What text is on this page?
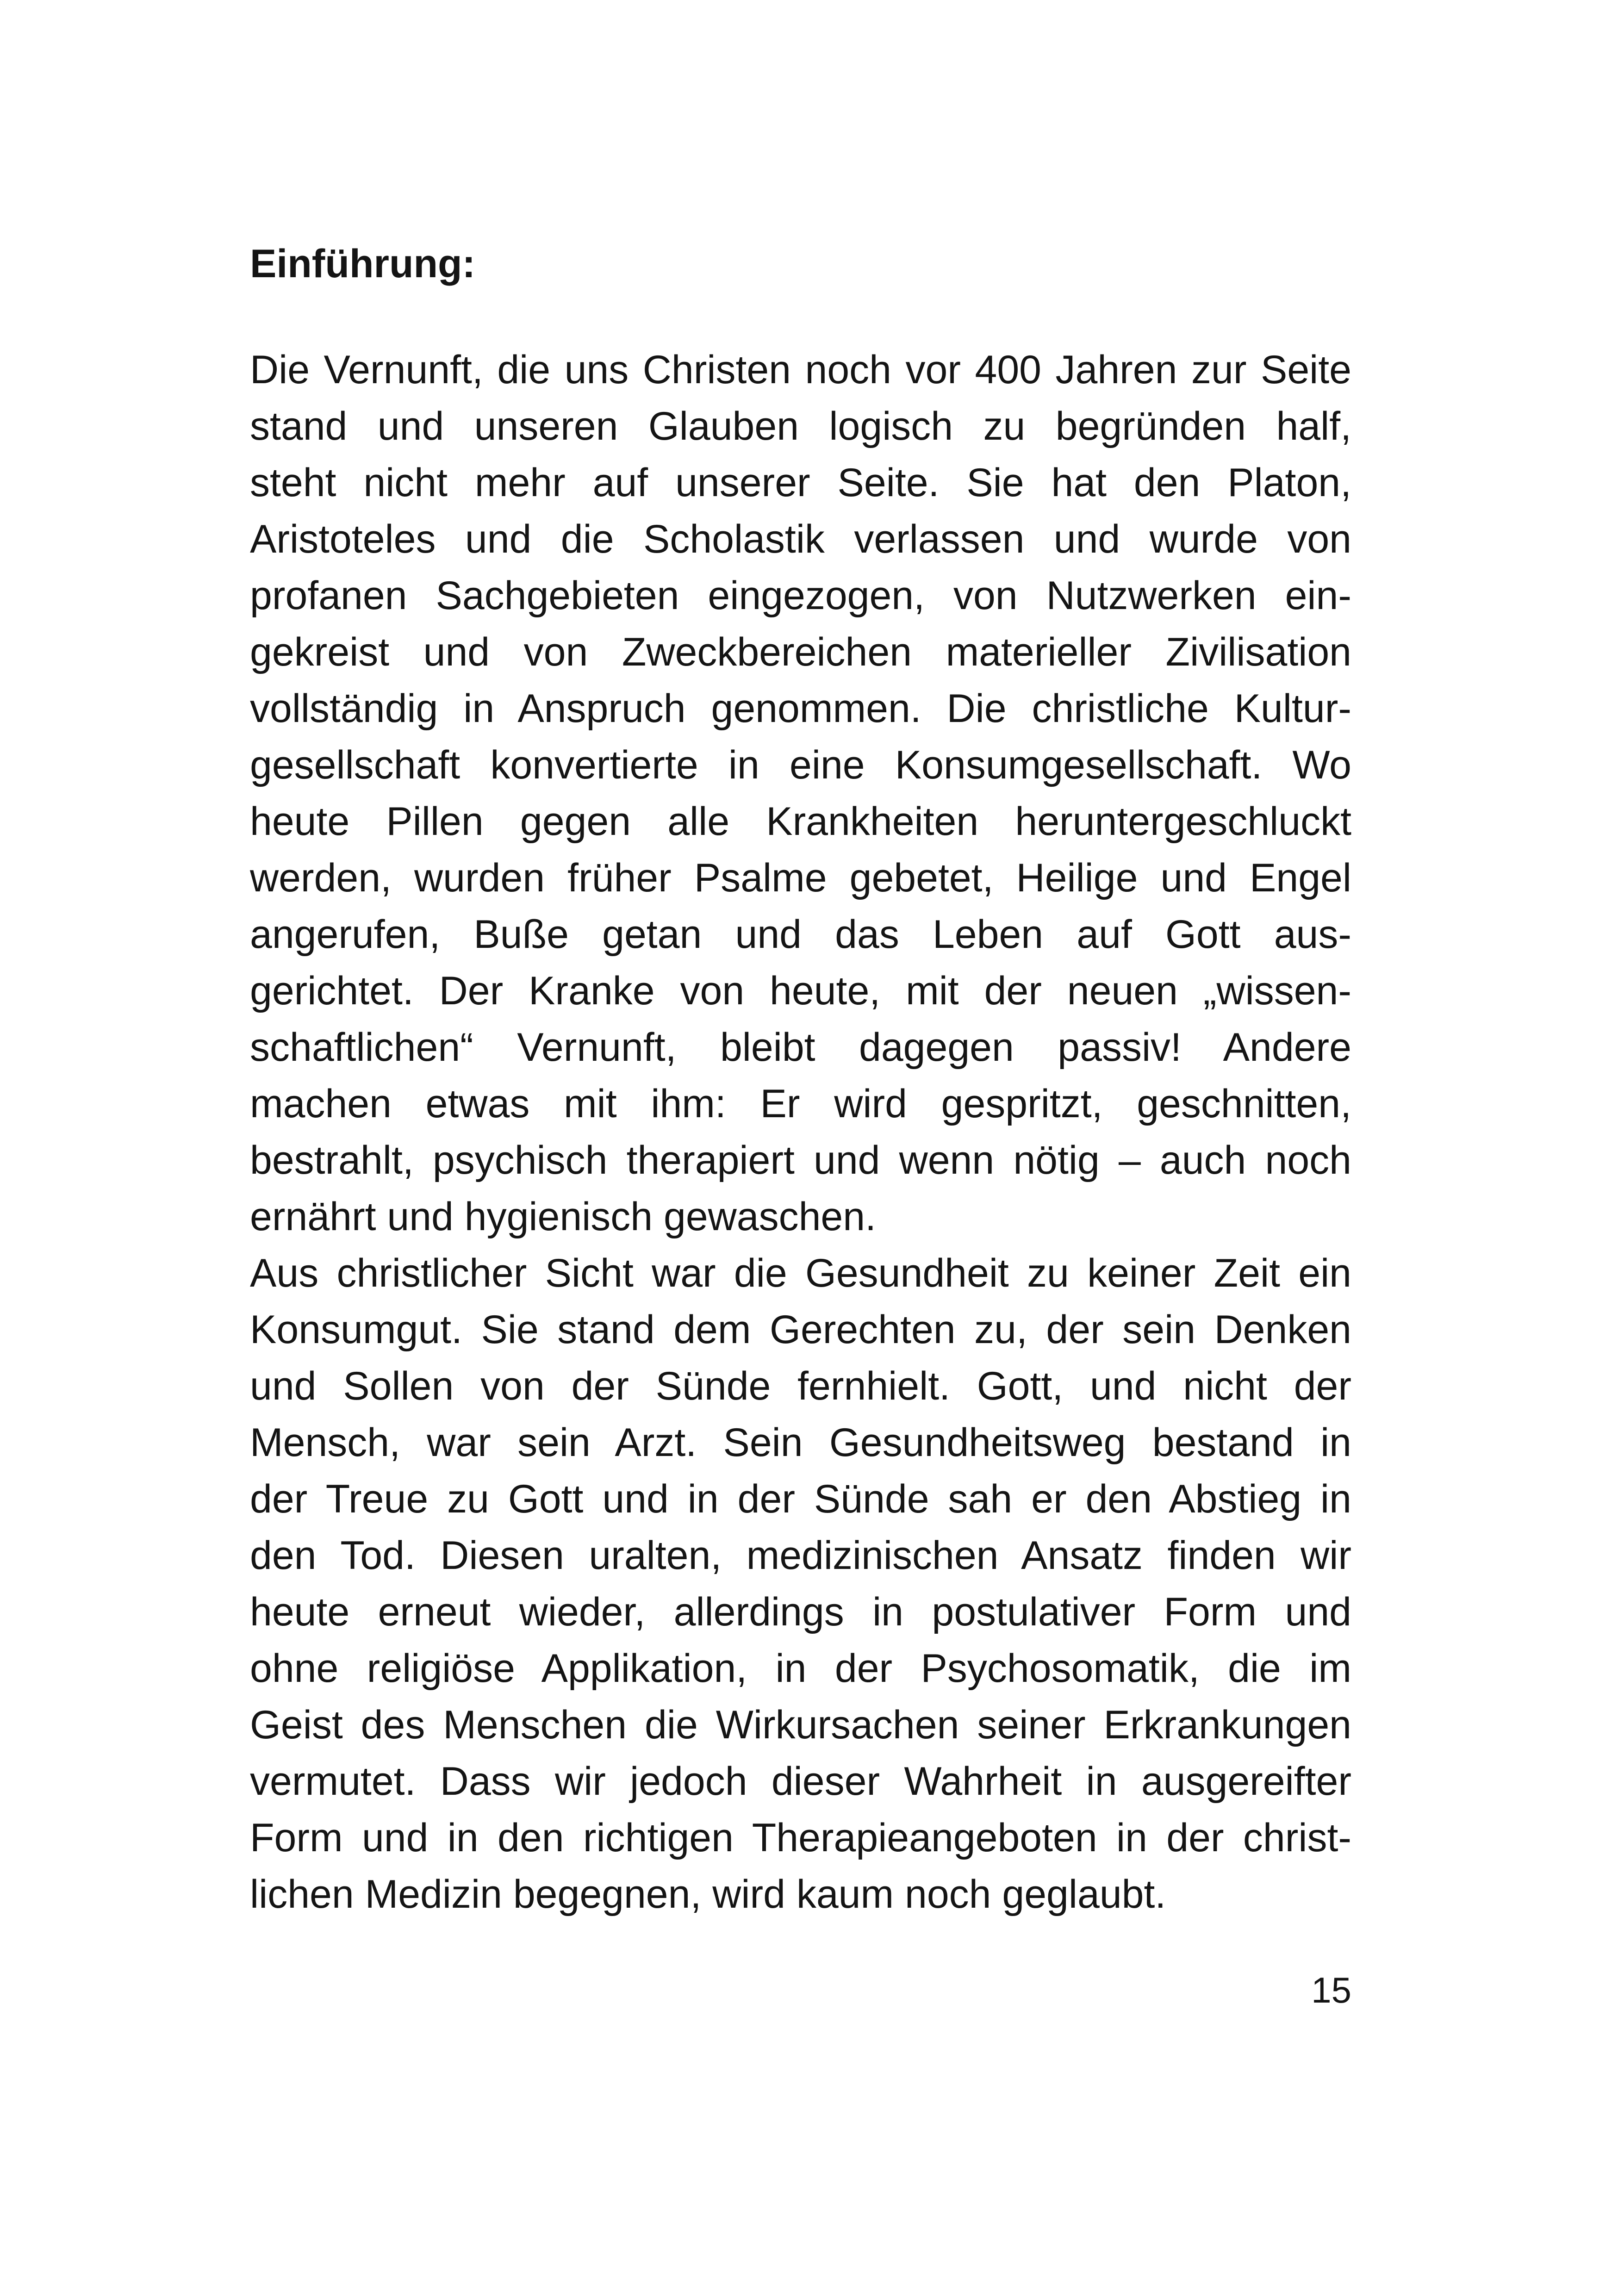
Einführung:
Die Vernunft, die uns Christen noch vor 400 Jahren zur Seite
stand und unseren Glauben logisch zu begründen half,
steht nicht mehr auf unserer Seite. Sie hat den Platon,
Aristoteles und die Scholastik verlassen und wurde von
profanen Sachgebieten eingezogen, von Nutzwerken ein-
gekreist und von Zweckbereichen materieller Zivilisation
vollständig in Anspruch genommen. Die christliche Kultur-
gesellschaft konvertierte in eine Konsumgesellschaft. Wo
heute Pillen gegen alle Krankheiten heruntergeschluckt
werden, wurden früher Psalme gebetet, Heilige und Engel
angerufen, Buße getan und das Leben auf Gott aus-
gerichtet. Der Kranke von heute, mit der neuen „wissen-
schaftlichen“ Vernunft, bleibt dagegen passiv! Andere
machen etwas mit ihm: Er wird gespritzt, geschnitten,
bestrahlt, psychisch therapiert und wenn nötig – auch noch
ernährt und hygienisch gewaschen.
Aus christlicher Sicht war die Gesundheit zu keiner Zeit ein
Konsumgut. Sie stand dem Gerechten zu, der sein Denken
und Sollen von der Sünde fernhielt. Gott, und nicht der
Mensch, war sein Arzt. Sein Gesundheitsweg bestand in
der Treue zu Gott und in der Sünde sah er den Abstieg in
den Tod. Diesen uralten, medizinischen Ansatz finden wir
heute erneut wieder, allerdings in postulativer Form und
ohne religiöse Applikation, in der Psychosomatik, die im
Geist des Menschen die Wirkursachen seiner Erkrankungen
vermutet. Dass wir jedoch dieser Wahrheit in ausgereifter
Form und in den richtigen Therapieangeboten in der christ-
lichen Medizin begegnen, wird kaum noch geglaubt.
15
